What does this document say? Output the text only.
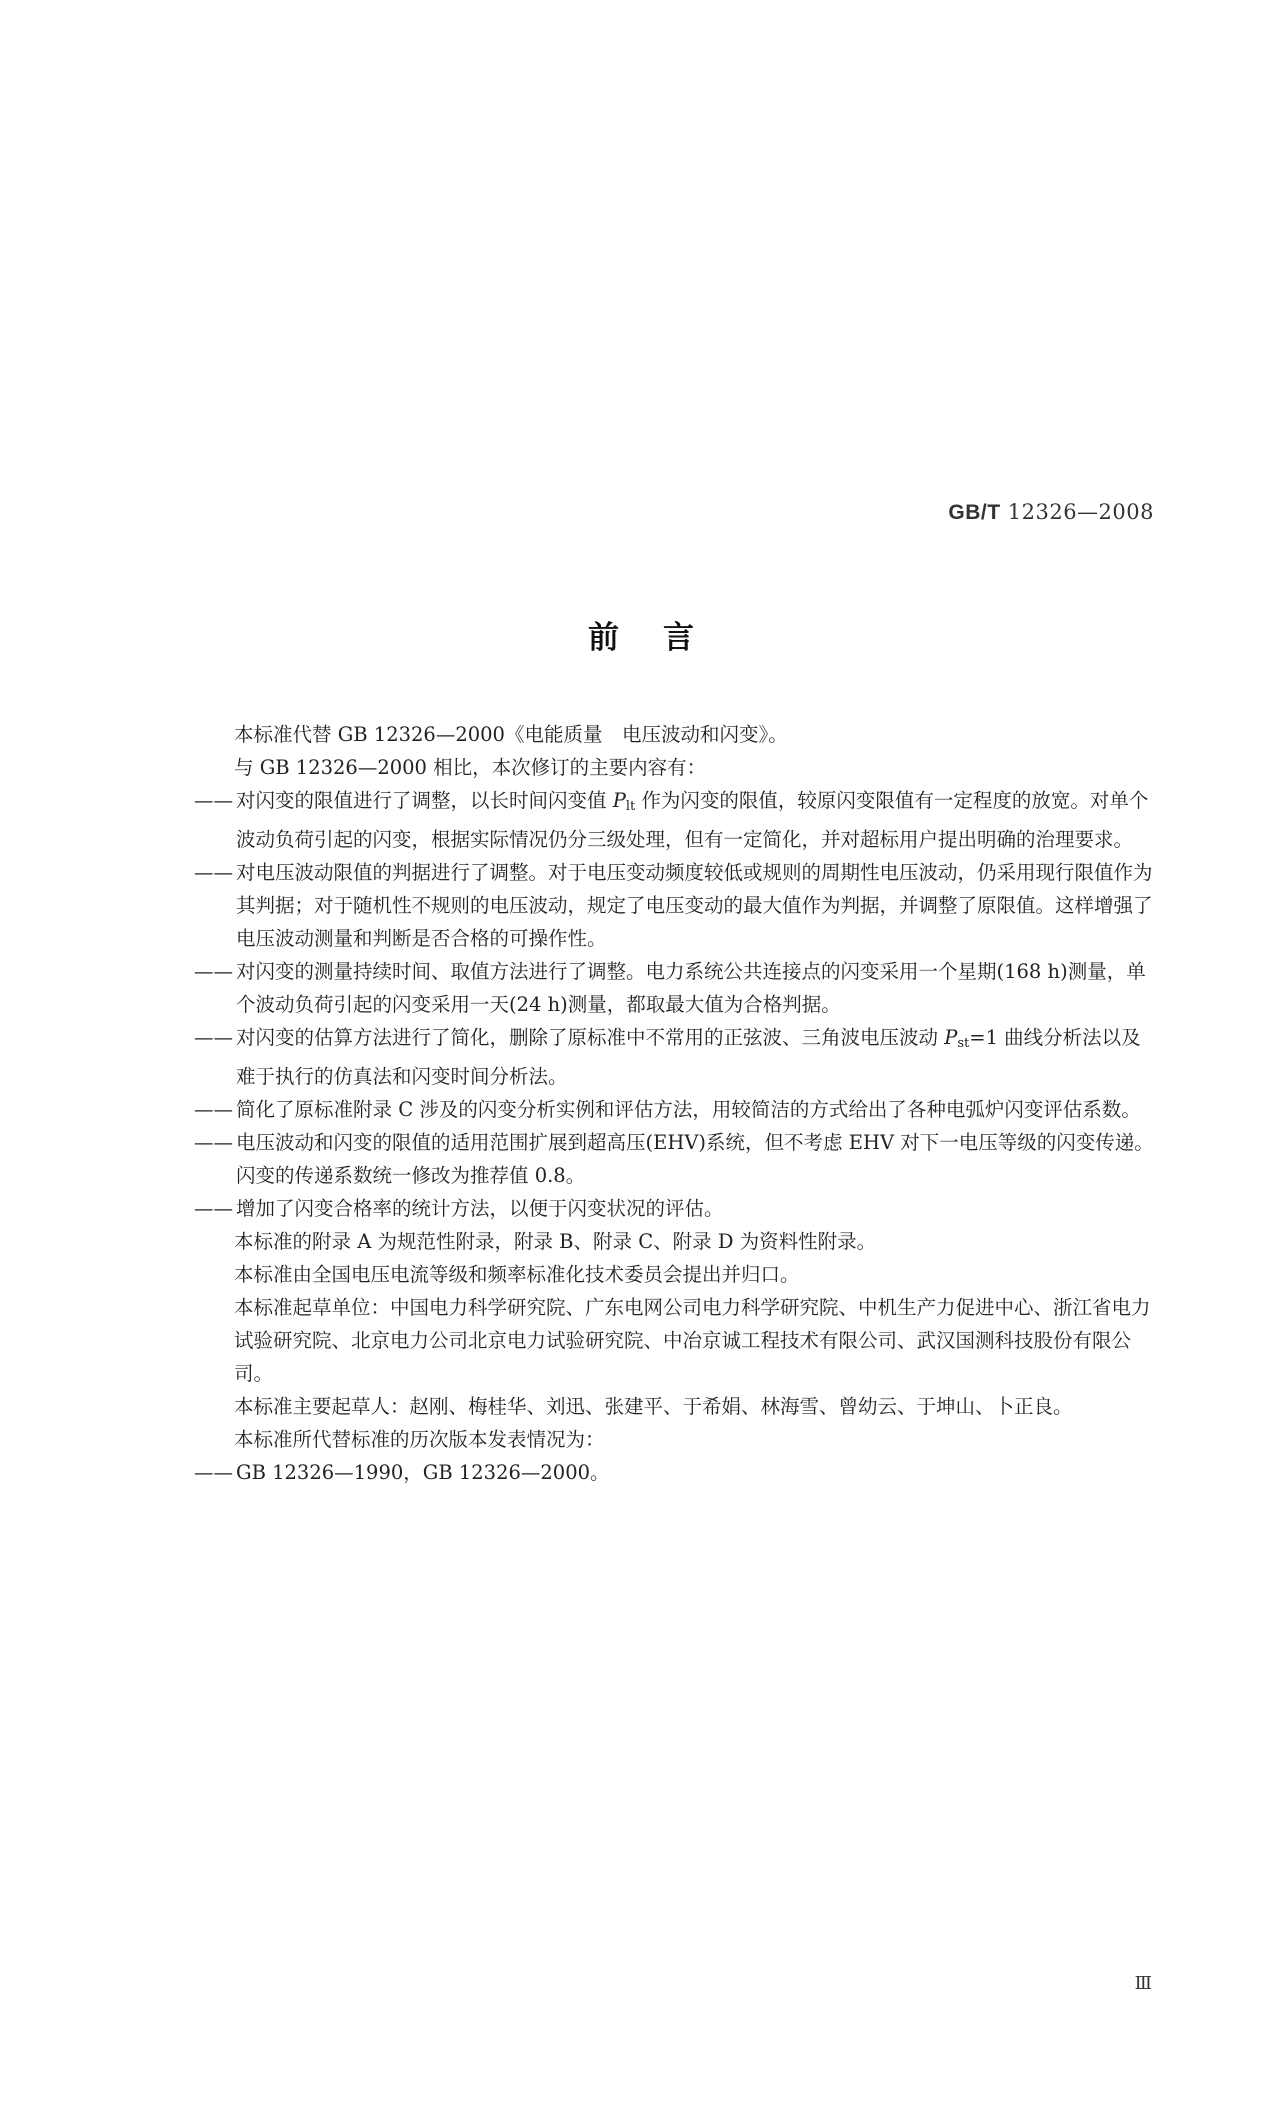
GB/T 12326—2008
前言

本标准代替 GB 12326—2000《电能质量　电压波动和闪变》。

与 GB 12326—2000 相比，本次修订的主要内容有：

—— 对闪变的限值进行了调整，以长时间闪变值 $P_{lt}$ 作为闪变的限值，较原闪变限值有一定程度的放宽。对单个波动负荷引起的闪变，根据实际情况仍分三级处理，但有一定简化，并对超标用户提出明确的治理要求。
—— 对电压波动限值的判据进行了调整。对于电压变动频度较低或规则的周期性电压波动，仍采用现行限值作为其判据；对于随机性不规则的电压波动，规定了电压变动的最大值作为判据，并调整了原限值。这样增强了电压波动测量和判断是否合格的可操作性。
—— 对闪变的测量持续时间、取值方法进行了调整。电力系统公共连接点的闪变采用一个星期(168 h)测量，单个波动负荷引起的闪变采用一天(24 h)测量，都取最大值为合格判据。
—— 对闪变的估算方法进行了简化，删除了原标准中不常用的正弦波、三角波电压波动 $P_{st}=1$ 曲线分析法以及难于执行的仿真法和闪变时间分析法。
—— 简化了原标准附录 C 涉及的闪变分析实例和评估方法，用较简洁的方式给出了各种电弧炉闪变评估系数。
—— 电压波动和闪变的限值的适用范围扩展到超高压(EHV)系统，但不考虑 EHV 对下一电压等级的闪变传递。闪变的传递系数统一修改为推荐值 0.8。
—— 增加了闪变合格率的统计方法，以便于闪变状况的评估。

本标准的附录 A 为规范性附录，附录 B、附录 C、附录 D 为资料性附录。

本标准由全国电压电流等级和频率标准化技术委员会提出并归口。

本标准起草单位：中国电力科学研究院、广东电网公司电力科学研究院、中机生产力促进中心、浙江省电力试验研究院、北京电力公司北京电力试验研究院、中冶京诚工程技术有限公司、武汉国测科技股份有限公司。

本标准主要起草人：赵刚、梅桂华、刘迅、张建平、于希娟、林海雪、曾幼云、于坤山、卜正良。

本标准所代替标准的历次版本发表情况为：

—— GB 12326—1990，GB 12326—2000。
Ⅲ
